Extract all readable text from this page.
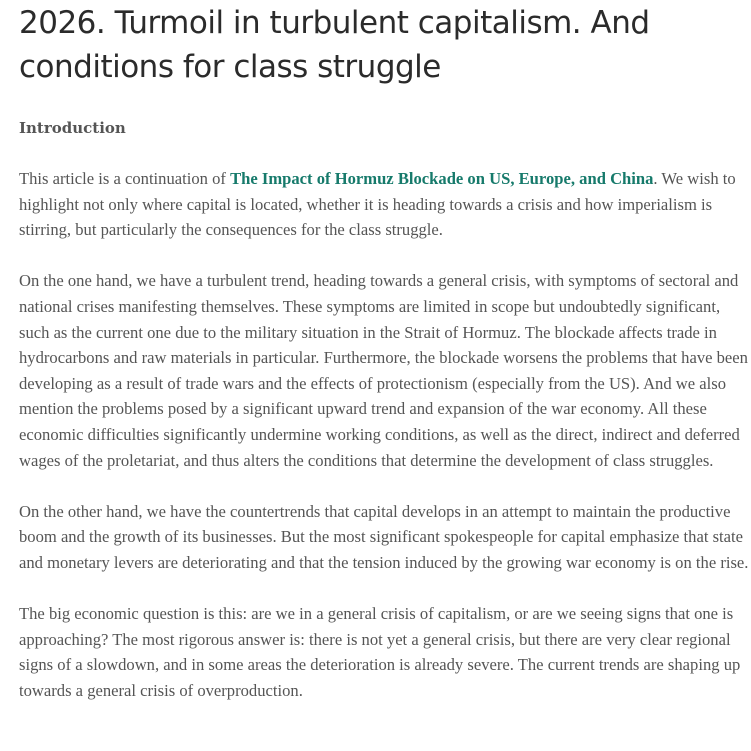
2026. Turmoil in turbulent capitalism. And conditions for class struggle
Introduction

This article is a continuation of The Impact of Hormuz Blockade on US, Europe, and China. We wish to highlight not only where capital is located, whether it is heading towards a crisis and how imperialism is stirring, but particularly the consequences for the class struggle.

On the one hand, we have a turbulent trend, heading towards a general crisis, with symptoms of sectoral and national crises manifesting themselves. These symptoms are limited in scope but undoubtedly significant, such as the current one due to the military situation in the Strait of Hormuz. The blockade affects trade in hydrocarbons and raw materials in particular. Furthermore, the blockade worsens the problems that have been developing as a result of trade wars and the effects of protectionism (especially from the US). And we also mention the problems posed by a significant upward trend and expansion of the war economy. All these economic difficulties significantly undermine working conditions, as well as the direct, indirect and deferred wages of the proletariat, and thus alters the conditions that determine the development of class struggles.

On the other hand, we have the countertrends that capital develops in an attempt to maintain the productive boom and the growth of its businesses. But the most significant spokespeople for capital emphasize that state and monetary levers are deteriorating and that the tension induced by the growing war economy is on the rise.

The big economic question is this: are we in a general crisis of capitalism, or are we seeing signs that one is approaching? The most rigorous answer is: there is not yet a general crisis, but there are very clear regional signs of a slowdown, and in some areas the deterioration is already severe. The current trends are shaping up towards a general crisis of overproduction.
